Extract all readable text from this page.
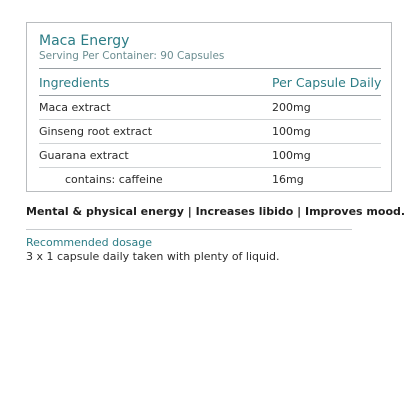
Maca Energy
Serving Per Container: 90 Capsules
Ingredients	Per Capsule Daily
Maca extract	200mg
Ginseng root extract	100mg
Guarana extract	100mg
contains: caffeine	16mg
Mental & physical energy | Increases libido | Improves mood.
Recommended dosage
3 x 1 capsule daily taken with plenty of liquid.
